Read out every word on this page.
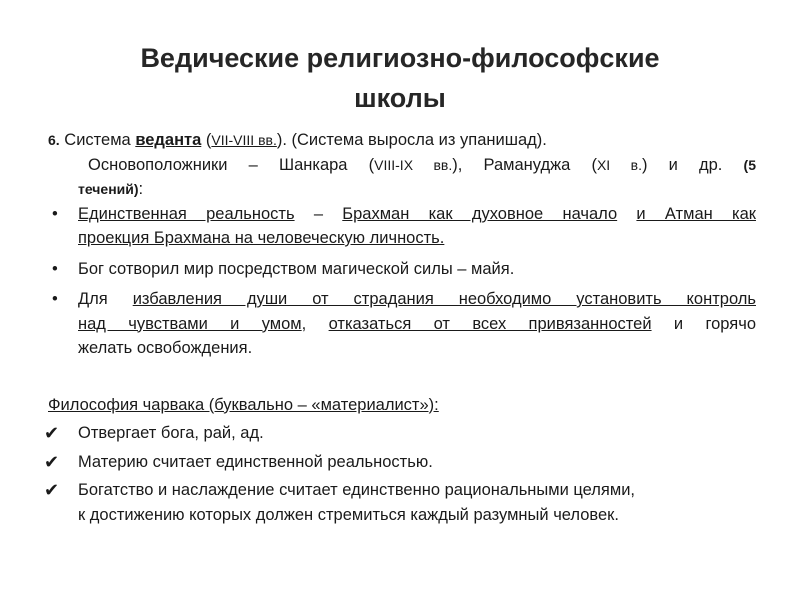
Ведические религиозно-философские
школы
6. Система веданта (VII-VIII вв.). (Система выросла из упанишад).
Основоположники – Шанкара (VIII-IX вв.), Рамануджа (XI в.) и др. (5
течений):
• Единственная реальность – Брахман как духовное начало и Атман как
проекция Брахмана на человеческую личность.
• Бог сотворил мир посредством магической силы – майя.
• Для избавления души от страдания необходимо установить контроль
над чувствами и умом, отказаться от всех привязанностей и горячо
желать освобождения.
Философия чарвака (буквально – «материалист»):
✔ Отвергает бога, рай, ад.
✔ Материю считает единственной реальностью.
✔ Богатство и наслаждение считает единственно рациональными целями,
к достижению которых должен стремиться каждый разумный человек.
